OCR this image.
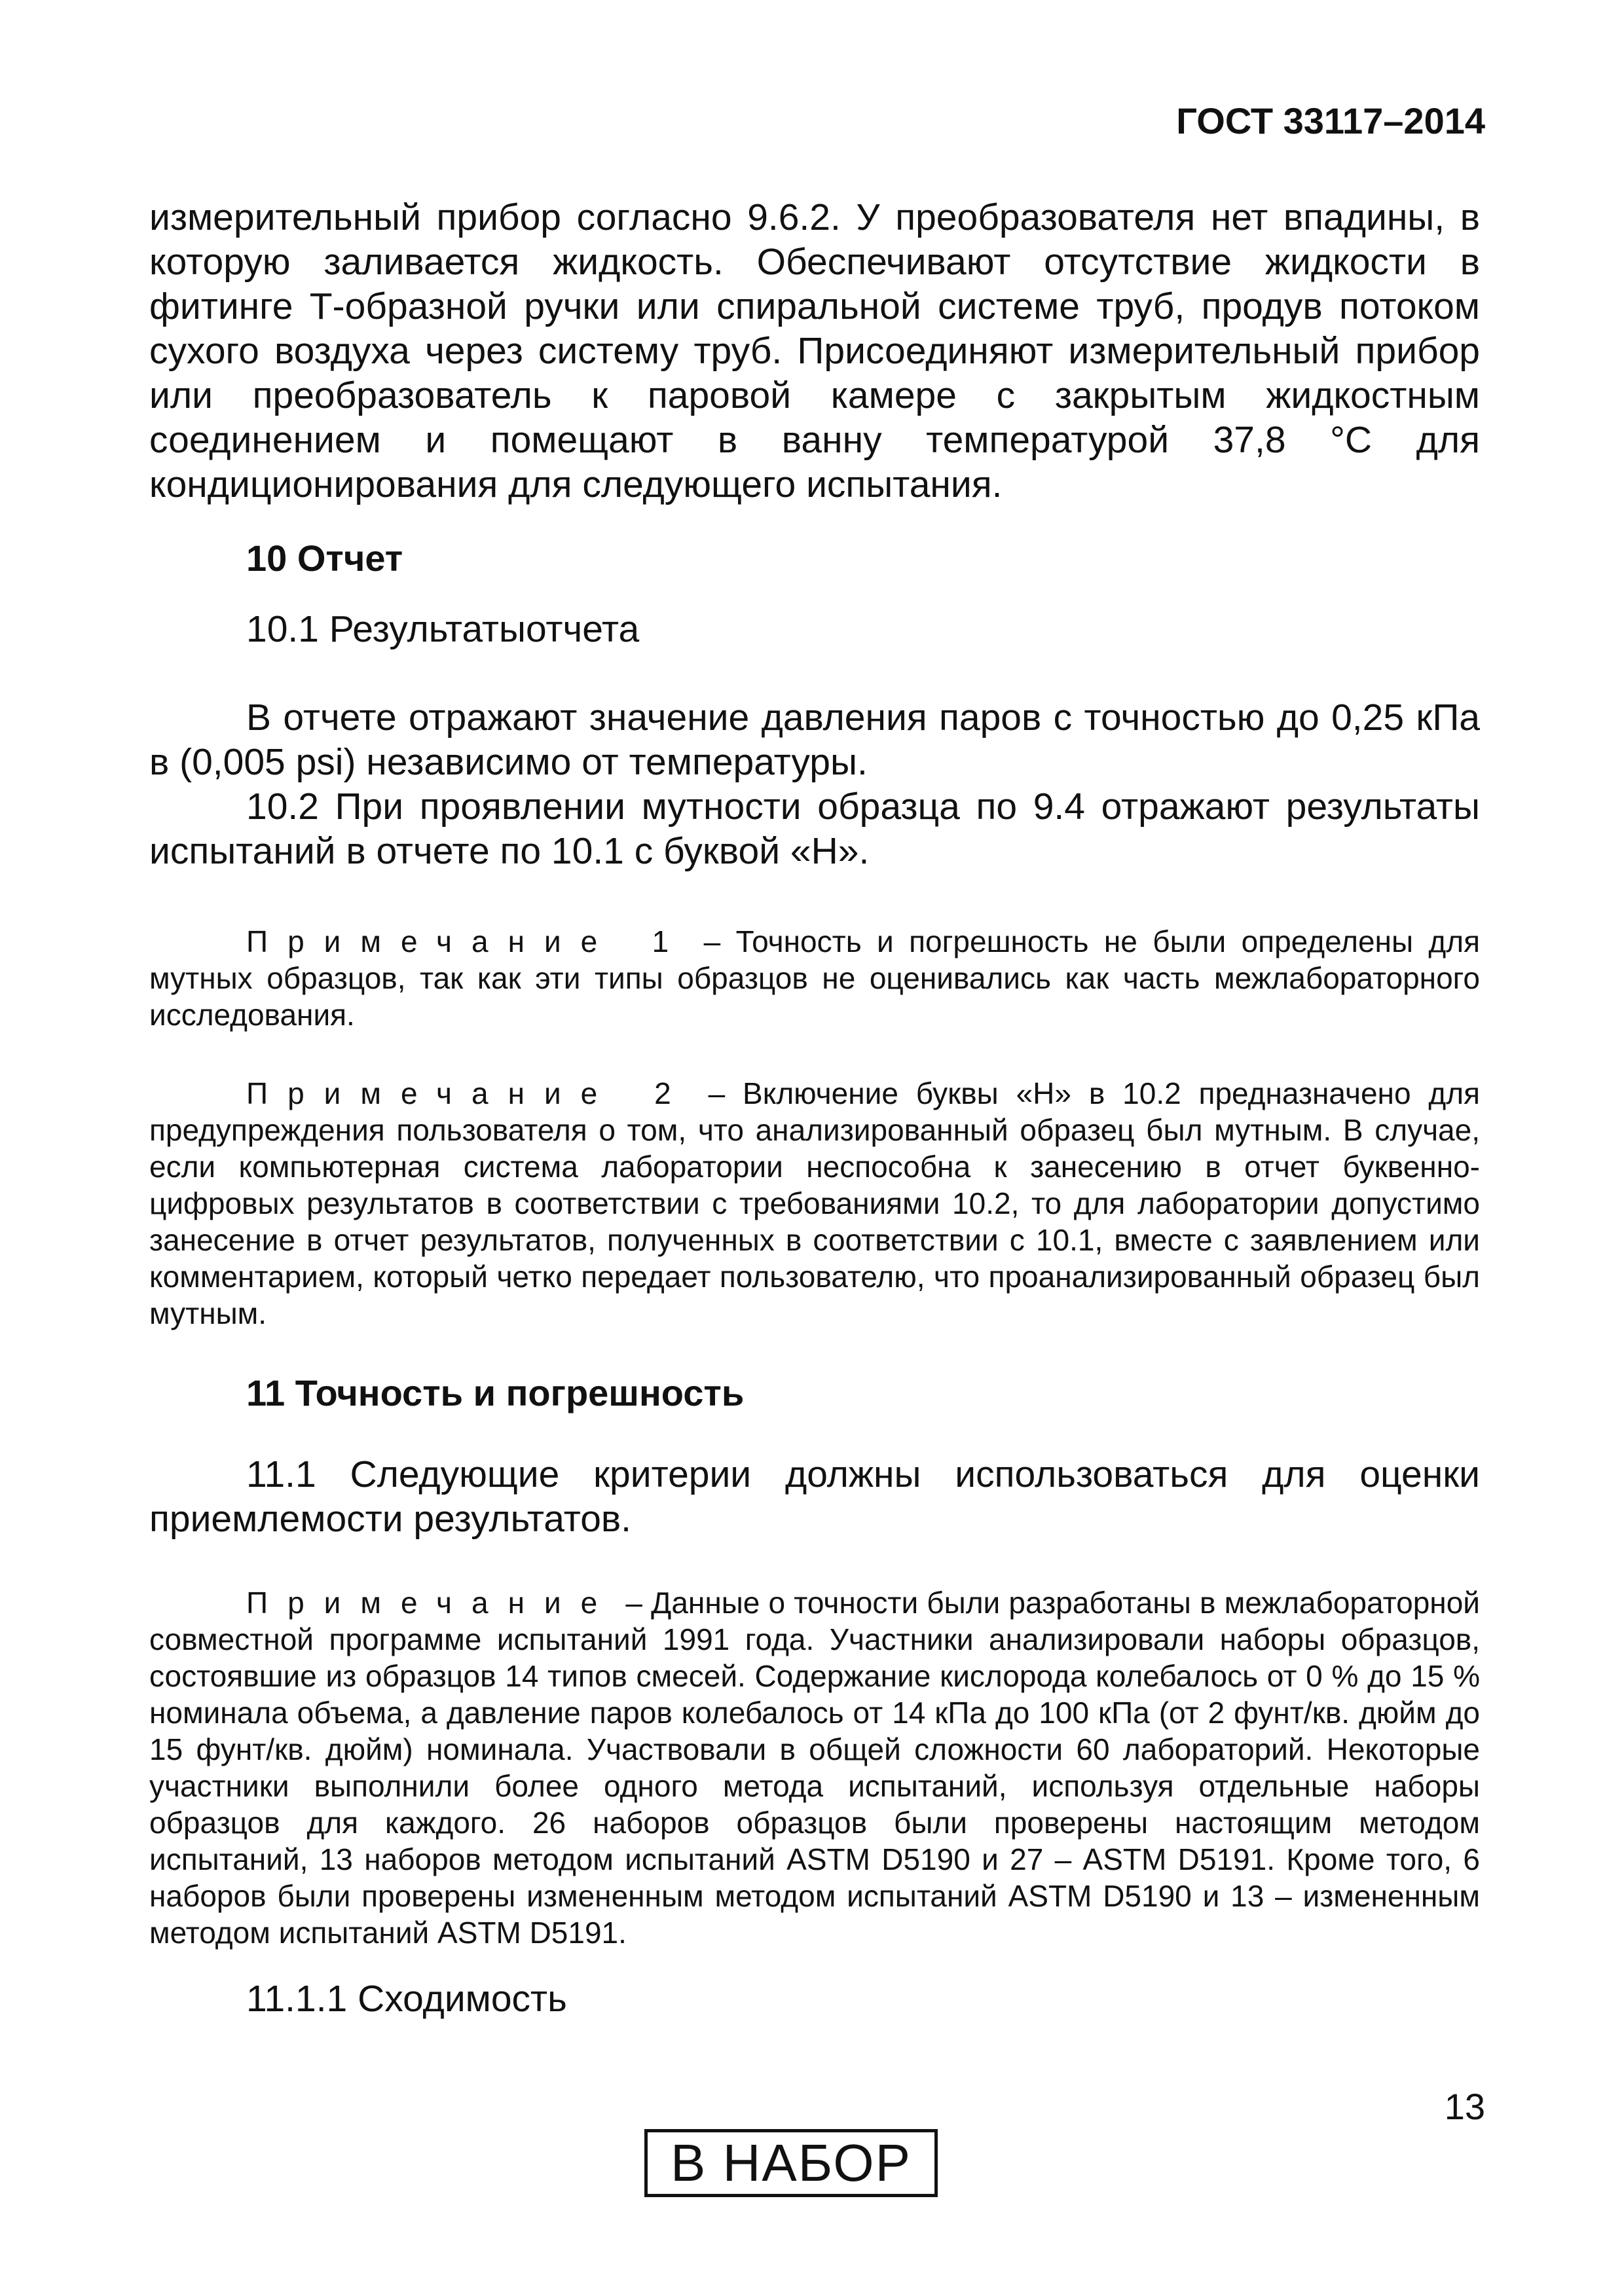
ГОСТ 33117–2014

измерительный прибор согласно 9.6.2. У преобразователя нет впадины, в которую заливается жидкость. Обеспечивают отсутствие жидкости в фитинге Т-образной ручки или спиральной системе труб, продув потоком сухого воздуха через систему труб. Присоединяют измерительный прибор или преобразователь к паровой камере с закрытым жидкостным соединением и помещают в ванну температурой 37,8 °С для кондиционирования для следующего испытания.

10 Отчет

10.1 Результатыотчета

В отчете отражают значение давления паров с точностью до 0,25 кПа в (0,005 psi) независимо от температуры.

10.2 При проявлении мутности образца по 9.4 отражают результаты испытаний в отчете по 10.1 с буквой «Н».

Примечание 1 – Точность и погрешность не были определены для мутных образцов, так как эти типы образцов не оценивались как часть межлабораторного исследования.

Примечание 2 – Включение буквы «Н» в 10.2 предназначено для предупреждения пользователя о том, что анализированный образец был мутным. В случае, если компьютерная система лаборатории неспособна к занесению в отчет буквенно-цифровых результатов в соответствии с требованиями 10.2, то для лаборатории допустимо занесение в отчет результатов, полученных в соответствии с 10.1, вместе с заявлением или комментарием, который четко передает пользователю, что проанализированный образец был мутным.

11 Точность и погрешность

11.1 Следующие критерии должны использоваться для оценки приемлемости результатов.

Примечание – Данные о точности были разработаны в межлабораторной совместной программе испытаний 1991 года. Участники анализировали наборы образцов, состоявшие из образцов 14 типов смесей. Содержание кислорода колебалось от 0 % до 15 % номинала объема, а давление паров колебалось от 14 кПа до 100 кПа (от 2 фунт/кв. дюйм до 15 фунт/кв. дюйм) номинала. Участвовали в общей сложности 60 лабораторий. Некоторые участники выполнили более одного метода испытаний, используя отдельные наборы образцов для каждого. 26 наборов образцов были проверены настоящим методом испытаний, 13 наборов методом испытаний ASTM D5190 и 27 – ASTM D5191. Кроме того, 6 наборов были проверены измененным методом испытаний ASTM D5190 и 13 – измененным методом испытаний ASTM D5191.

11.1.1 Сходимость

13
В НАБОР
